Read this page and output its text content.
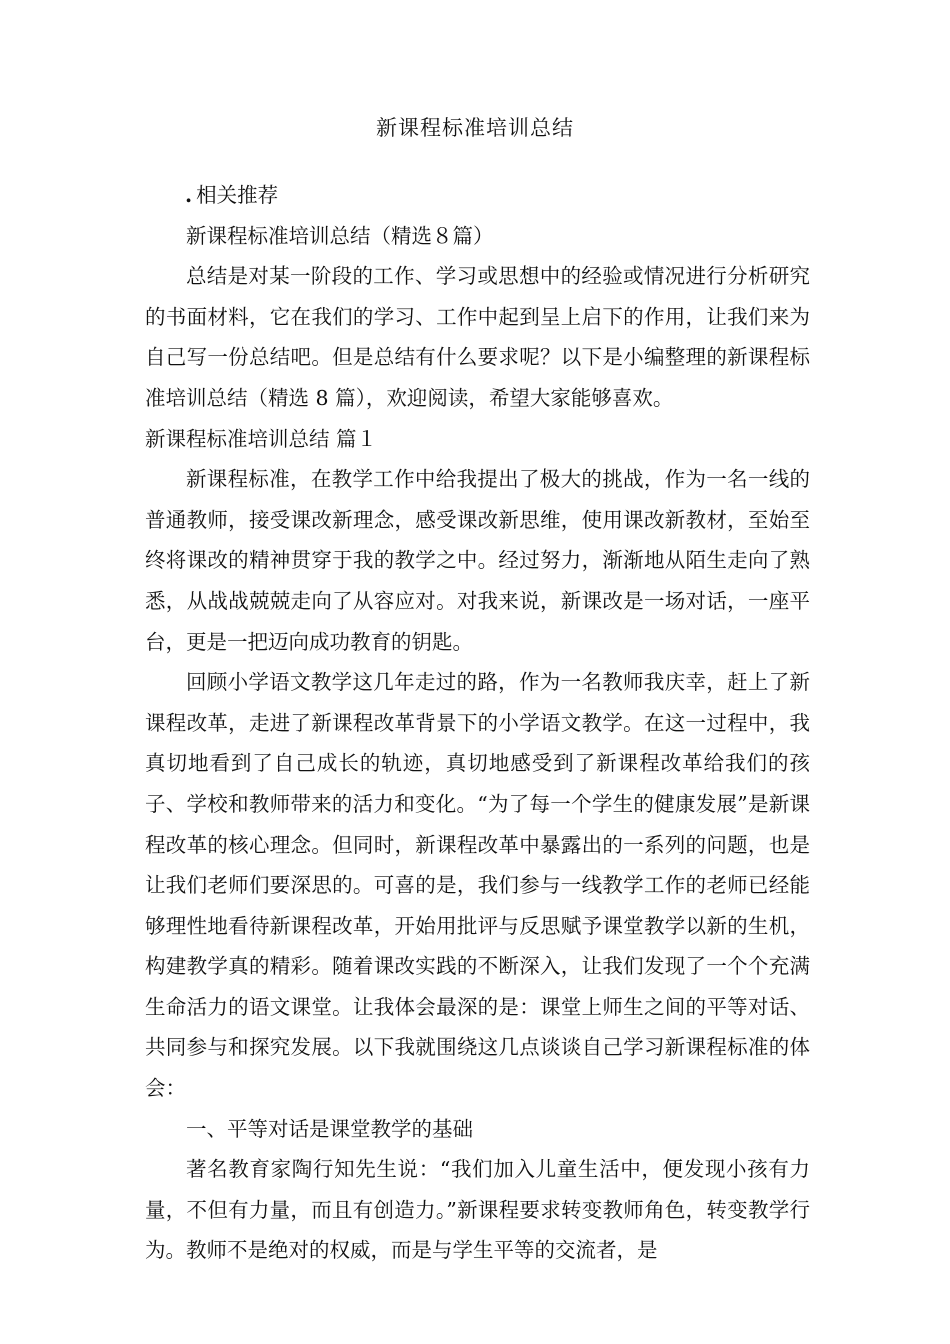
新课程标准培训总结

. 相关推荐

新课程标准培训总结（精选８篇）

总结是对某一阶段的工作、学习或思想中的经验或情况进行分析研究的书面材料，它在我们的学习、工作中起到呈上启下的作用，让我们来为自己写一份总结吧。但是总结有什么要求呢？以下是小编整理的新课程标准培训总结（精选 8 篇），欢迎阅读，希望大家能够喜欢。

新课程标准培训总结 篇１

新课程标准，在教学工作中给我提出了极大的挑战，作为一名一线的普通教师，接受课改新理念，感受课改新思维，使用课改新教材，至始至终将课改的精神贯穿于我的教学之中。经过努力，渐渐地从陌生走向了熟悉，从战战兢兢走向了从容应对。对我来说，新课改是一场对话，一座平台，更是一把迈向成功教育的钥匙。

回顾小学语文教学这几年走过的路，作为一名教师我庆幸，赶上了新课程改革，走进了新课程改革背景下的小学语文教学。在这一过程中，我真切地看到了自己成长的轨迹，真切地感受到了新课程改革给我们的孩子、学校和教师带来的活力和变化。“为了每一个学生的健康发展”是新课程改革的核心理念。但同时，新课程改革中暴露出的一系列的问题，也是让我们老师们要深思的。可喜的是，我们参与一线教学工作的老师已经能够理性地看待新课程改革，开始用批评与反思赋予课堂教学以新的生机，构建教学真的精彩。随着课改实践的不断深入，让我们发现了一个个充满生命活力的语文课堂。让我体会最深的是：课堂上师生之间的平等对话、共同参与和探究发展。以下我就围绕这几点谈谈自己学习新课程标准的体会：

一、平等对话是课堂教学的基础

著名教育家陶行知先生说：“我们加入儿童生活中，便发现小孩有力量，不但有力量，而且有创造力。”新课程要求转变教师角色，转变教学行为。教师不是绝对的权威，而是与学生平等的交流者，是
